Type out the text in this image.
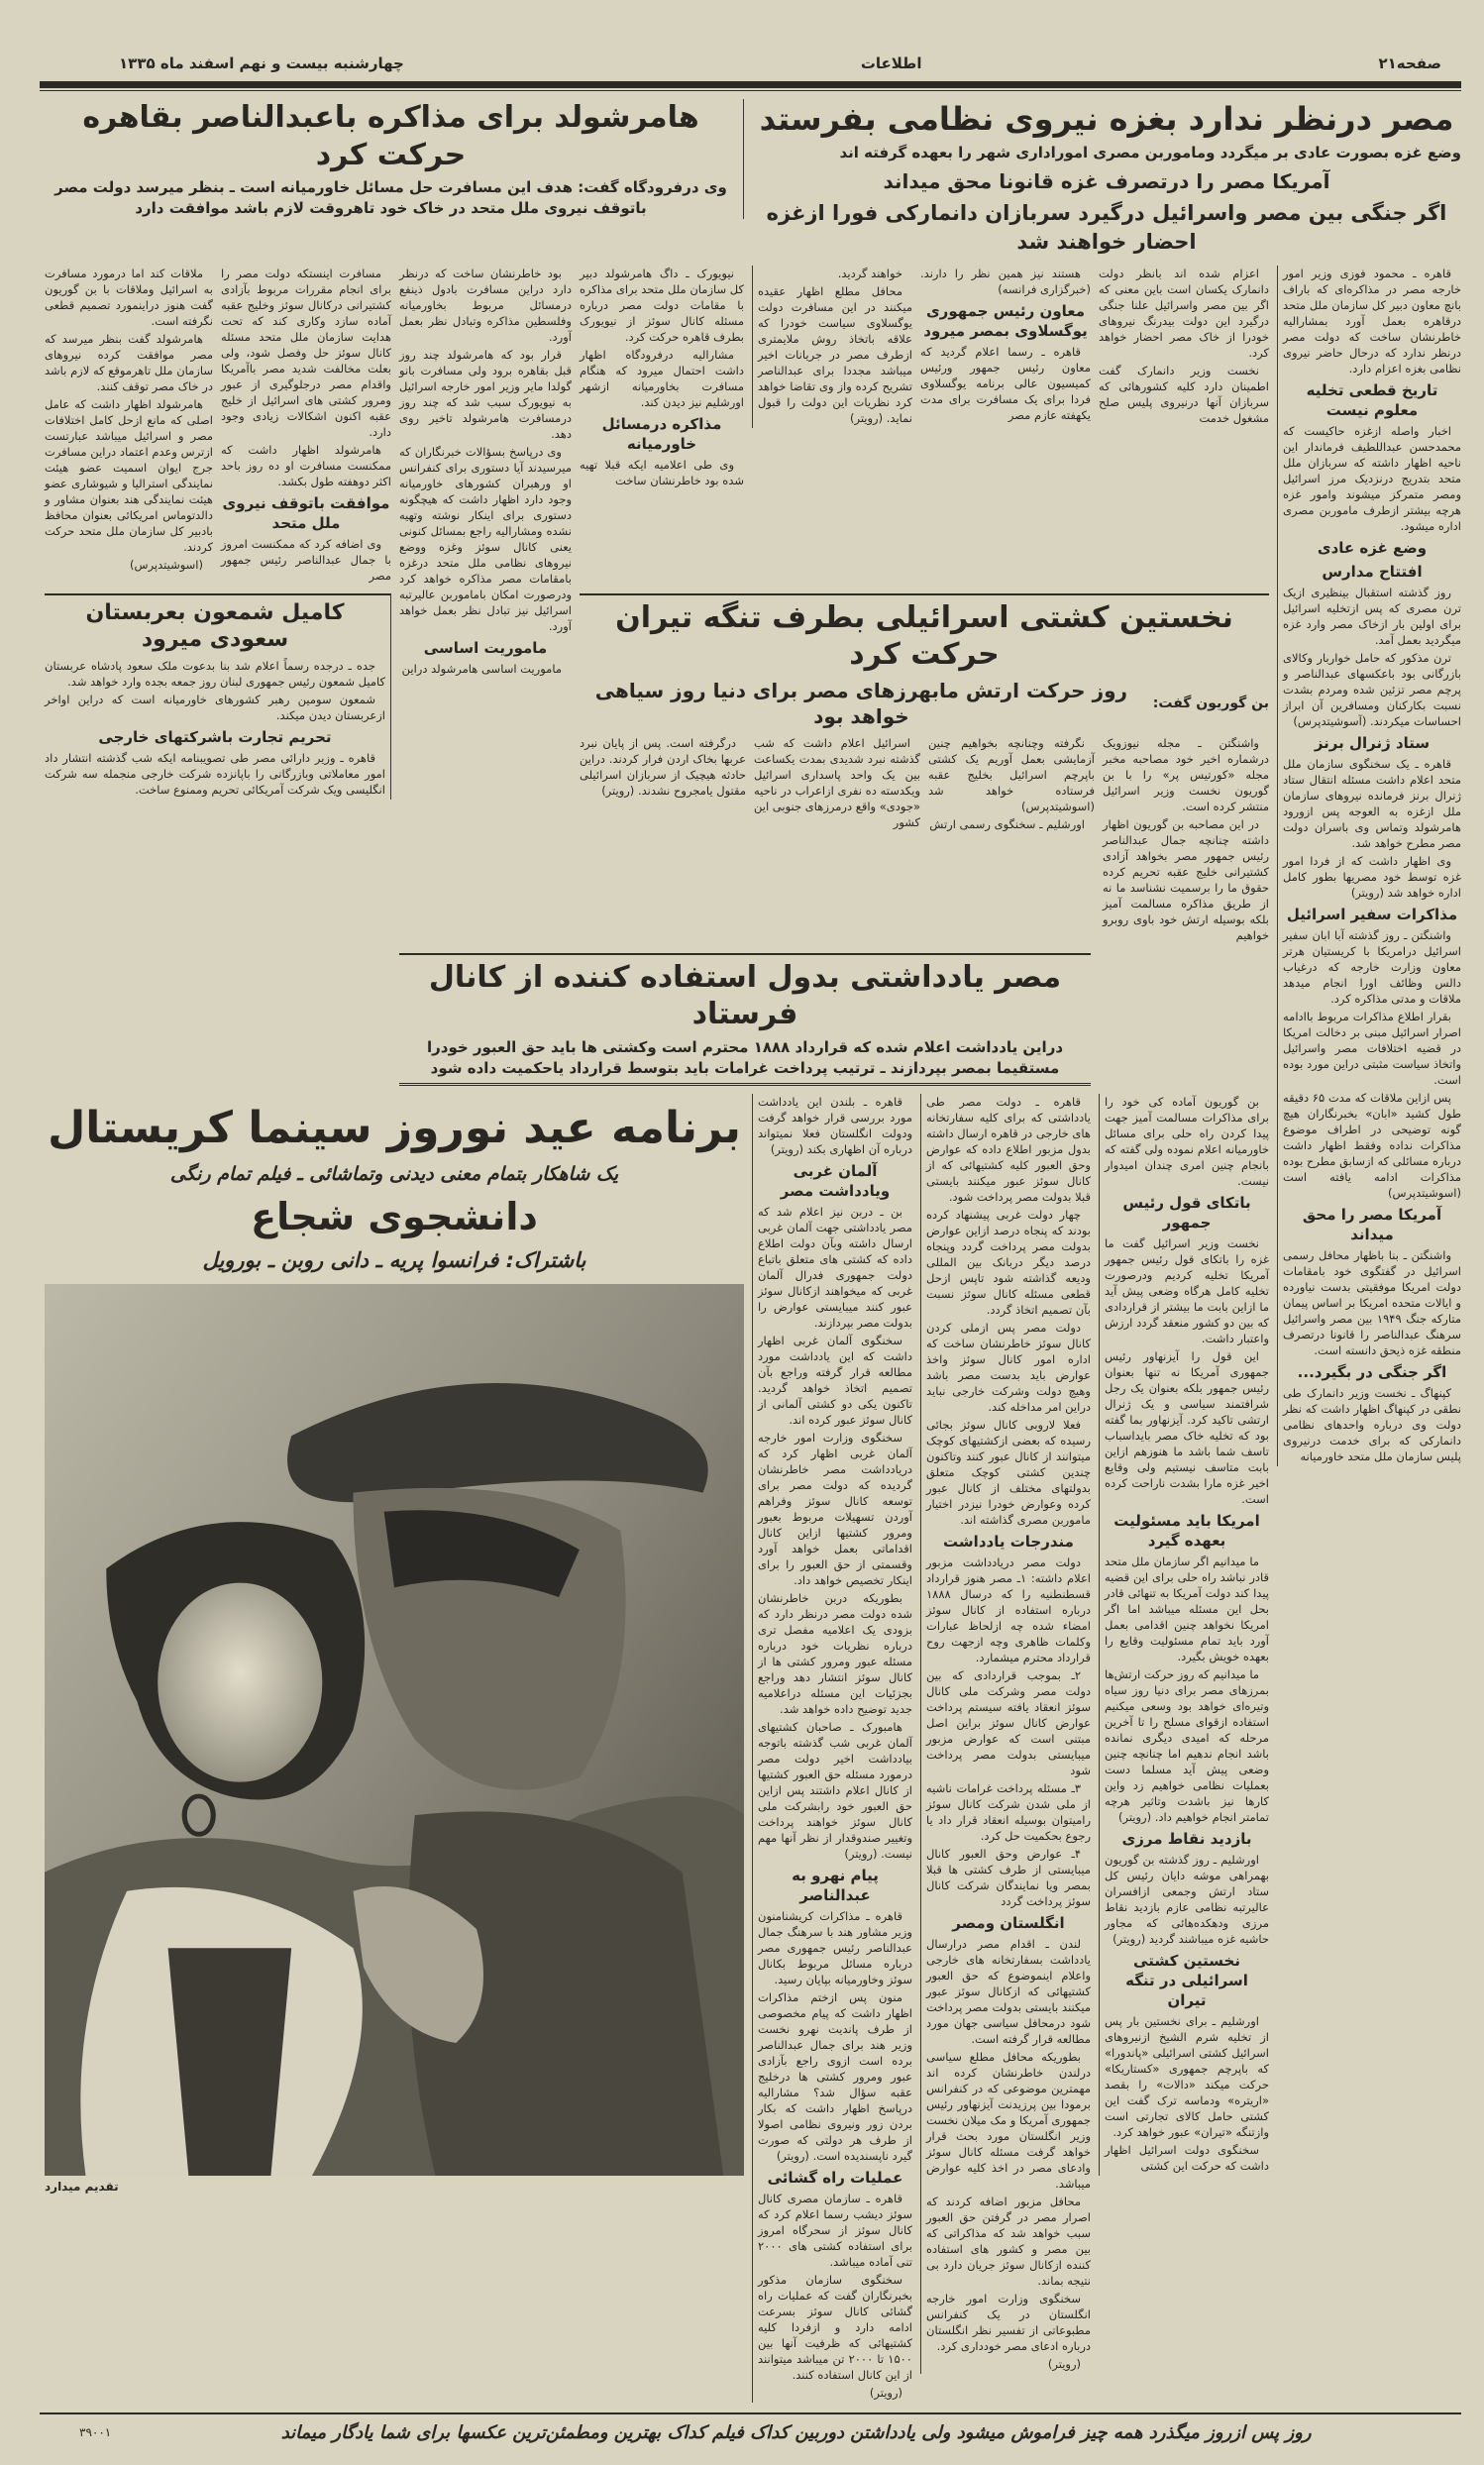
صفحه۲۱
اطلاعات
چهارشنبه بیست و نهم اسفند ماه ۱۳۳۵
مصر درنظر ندارد بغزه نیروی نظامی بفرستد
وضع غزه بصورت عادی بر میگردد وماموربن مصری اموراداری شهر را بعهده گرفته اند
آمریکا مصر را درتصرف غزه قانونا محق میداند
اگر جنگی بین مصر واسرائیل درگیرد سربازان دانمارکی فورا ازغزه احضار خواهند شد
هامرشولد برای مذاکره باعبدالناصر بقاهره حرکت کرد
وی درفرودگاه گفت: هدف این مسافرت حل مسائل خاورمیانه است ـ بنظر میرسد دولت مصر باتوقف نیروی ملل متحد در خاک خود تاهروقت لازم باشد موافقت دارد

قاهره ـ محمود فوزی وزیر امور خارجه مصر در مذاکره‌ای که باراف بانچ معاون دبیر کل سازمان ملل متحد درقاهره بعمل آورد بمشارالیه خاطرنشان ساخت که دولت مصر درنظر ندارد که درحال حاضر نیروی نظامی بغزه اعزام دارد.

تاریخ قطعی تخلیه معلوم نیست

اخبار واصله ازغزه حاکیست که محمدحسن عبداللطیف فرماندار این ناحیه اظهار داشته که سربازان ملل متحد بتدریج درنزدیک مرز اسرائیل ومصر متمرکز میشوند وامور غزه هرچه بیشتر ازطرف ماموربن مصری اداره میشود.

وضع غزه عادی
افتتاح مدارس

روز گذشته استقبال بینظیری ازیک ترن مصری که پس ازتخلیه اسرائیل برای اولین بار ازخاک مصر وارد غزه میگردید بعمل آمد.

ترن مذکور که حامل خواربار وکالای بازرگانی بود باعکسهای عبدالناصر و پرچم مصر تزئین شده ومردم بشدت نسبت بکارکنان ومسافرین آن ابراز احساسات میکردند. (آسوشیتدپرس)

ستاد ژنرال برنز

قاهره ـ یک سخنگوی سازمان ملل متحد اعلام داشت مسئله انتقال ستاد ژنرال برنز فرمانده نیروهای سازمان ملل ازغزه به العوجه پس ازورود هامرشولد وتماس وی باسران دولت مصر مطرح خواهد شد.

وی اظهار داشت که از فردا امور غزه توسط خود مصریها بطور کامل اداره خواهد شد (رویتر)

مذاکرات سفیر اسرائیل

واشنگتن ـ روز گذشته آبا ابان سفیر اسرائیل درامریکا با کریستیان هرتر معاون وزارت خارجه که درغیاب دالس وظائف اورا انجام میدهد ملاقات و مدتی مذاکره کرد.

بقرار اطلاع مذاکرات مربوط باادامه اصرار اسرائیل مبنی بر دخالت امریکا در قضیه اختلافات مصر واسرائیل واتخاذ سیاست مثبتی دراین مورد بوده است.

پس ازاین ملاقات که مدت ۶۵ دقیقه طول کشید «ابان» بخبرنگاران هیچ گونه توضیحی در اطراف موضوع مذاکرات نداده وفقط اظهار داشت درباره مسائلی که ازسابق مطرح بوده مذاکرات ادامه یافته است (اسوشیتدپرس)

آمریکا مصر را محق میداند

واشنگتن ـ بنا باظهار محافل رسمی اسرائیل در گفتگوی خود بامقامات دولت امریکا موفقیتی بدست نیاورده و ایالات متحده امریکا بر اساس پیمان متارکه جنگ ۱۹۴۹ بین مصر واسرائیل سرهنگ عبدالناصر را قانونا درتصرف منطقه غزه ذیحق دانسته است.

اگر جنگی در بگیرد...

کپنهاگ ـ نخست وزیر دانمارک طی نطقی در کپنهاگ اظهار داشت که نظر دولت وی درباره واحدهای نظامی دانمارکی که برای خدمت درنیروی پلیس سازمان ملل متحد خاورمیانه

اعزام شده اند بانظر دولت دانمارک یکسان است باین معنی که اگر بین مصر واسرائیل علنا جنگی درگیرد این دولت بیدرنگ نیروهای خودرا از خاک مصر احضار خواهد کرد.

نخست وزیر دانمارک گفت اطمینان دارد کلیه کشورهائی که سربازان آنها درنیروی پلیس صلح مشغول خدمت

هستند نیز همین نظر را دارند. (خبرگزاری فرانسه)

معاون رئیس جمهوری یوگسلاوی بمصر میرود

قاهره ـ رسما اعلام گردید که معاون رئیس جمهور ورئیس کمیسیون عالی برنامه یوگسلاوی فردا برای یک مسافرت برای مدت یکهفته عازم مصر

خواهند گردید.

محافل مطلع اظهار عقیده میکنند در این مسافرت دولت یوگسلاوی سیاست خودرا که علاقه باتخاذ روش ملایمتری ازطرف مصر در جریانات اخیر میباشد مجددا برای عبدالناصر تشریح کرده واز وی تقاضا خواهد کرد نظریات این دولت را قبول نماید. (رویتر)

نیویورک ـ داگ هامرشولد دبیر کل سازمان ملل متحد برای مذاکره با مقامات دولت مصر درباره مسئله کانال سوئز از نیویورک بطرف قاهره حرکت کرد.

مشارالیه درفرودگاه اظهار داشت احتمال میرود که هنگام مسافرت بخاورمیانه ازشهر اورشلیم نیز دیدن کند.

مذاکره درمسائل خاورمیانه

وی طی اعلامیه ایکه قبلا تهیه شده بود خاطرنشان ساخت

بود خاطرنشان ساخت که درنظر دارد دراین مسافرت بادول ذینفع درمسائل مربوط بخاورمیانه وفلسطین مذاکره وتبادل نظر بعمل آورد.

قرار بود که هامرشولد چند روز قبل بقاهره برود ولی مسافرت بانو گولدا مایر وزیر امور خارجه اسرائیل به نیویورک سبب شد که چند روز درمسافرت هامرشولد تاخیر روی دهد.

وی درپاسخ بسؤالات خبرنگاران که میرسیدند آیا دستوری برای کنفرانس او ورهبران کشورهای خاورمیانه وجود دارد اظهار داشت که هیچگونه دستوری برای اینکار نوشته وتهیه نشده ومشارالیه راجع بمسائل کنونی یعنی کانال سوئز وغزه ووضع نیروهای نظامی ملل متحد درغزه بامقامات مصر مذاکره خواهد کرد ودرصورت امکان باماموربن عالیرتبه اسرائیل نیز تبادل نظر بعمل خواهد آورد.

ماموریت اساسی

ماموریت اساسی هامرشولد دراین

مسافرت اینستکه دولت مصر را برای انجام مقررات مربوط بآزادی کشتیرانی درکانال سوئز وخلیج عقبه آماده سازد وکاری کند که تحت هدایت سازمان ملل متحد مسئله کانال سوئز حل وفصل شود، ولی بعلت مخالفت شدید مصر باآمریکا واقدام مصر درجلوگیری از عبور ومرور کشتی های اسرائیل از خلیج عقبه اکنون اشکالات زیادی وجود دارد.

هامرشولد اظهار داشت که ممکنست مسافرت او ده روز باحد اکثر دوهفته طول بکشد.

موافقت باتوقف نیروی ملل متحد

وی اضافه کرد که ممکنست امروز با جمال عبدالناصر رئیس جمهور مصر

ملاقات کند اما درمورد مسافرت به اسرائیل وملاقات با بن گوریون گفت هنوز دراینمورد تصمیم قطعی نگرفته است.

هامرشولد گفت بنظر میرسد که مصر موافقت کرده نیروهای سازمان ملل تاهرموقع که لازم باشد در خاک مصر توقف کنند.

هامرشولد اظهار داشت که عامل اصلی که مانع ازحل کامل اختلافات مصر و اسرائیل میباشد عبارتست ازترس وعدم اعتماد دراین مسافرت جرج ایوان اسمیت عضو هیئت نمایندگی استرالیا و شیوشاری عضو هیئت نمایندگی هند بعنوان مشاور و دالدتوماس امریکائی بعنوان محافظ بادبیر کل سازمان ملل متحد حرکت کردند.

(اسوشیتدپرس)

نخستین کشتی اسرائیلی بطرف تنگه تیران حرکت کرد
بن گوریون گفت:
روز حرکت ارتش مابهرزهای مصر برای دنیا روز سیاهی خواهد بود

واشنگتن ـ مجله نیوزویک درشماره اخیر خود مصاحبه مخبر مجله «کورتیس پر» را با بن گوریون نخست وزیر اسرائیل منتشر کرده است.

در این مصاحبه بن گوریون اظهار داشته چنانچه جمال عبدالناصر رئیس جمهور مصر بخواهد آزادی کشتیرانی خلیج عقبه تحریم کرده حقوق ما را برسمیت نشناسد ما نه از طریق مذاکره مسالمت آمیز بلکه بوسیله ارتش خود باوی روبرو خواهیم

نگرفته وچنانچه بخواهیم چنین آزمایشی بعمل آوریم یک کشتی باپرچم اسرائیل بخلیج عقبه فرستاده خواهد شد (اسوشیتدپرس)

اورشلیم ـ سخنگوی رسمی ارتش

اسرائیل اعلام داشت که شب گذشته نبرد شدیدی بمدت یکساعت بین یک واحد پاسداری اسرائیل ویکدسته ده نفری ازاعراب در ناحیه «جودی» واقع درمرزهای جنوبی این کشور

درگرفته است. پس از پایان نبرد عربها بخاک اردن فرار کردند. دراین حادثه هیچیک از سربازان اسرائیلی مقتول یامجروح نشدند. (رویتر)

کامیل شمعون بعربستان سعودی میرود

جده ـ درجده رسماً اعلام شد بنا بدعوت ملک سعود پادشاه عربستان کامیل شمعون رئیس جمهوری لبنان روز جمعه بجده وارد خواهد شد.

شمعون سومین رهبر کشورهای خاورمیانه است که دراین اواخر ازعربستان دیدن میکند.

تحریم تجارت باشرکتهای خارجی

قاهره ـ وزیر دارائی مصر طی تصویبنامه ایکه شب گذشته انتشار داد امور معاملاتی وبازرگانی را باپانزده شرکت خارجی منجمله سه شرکت انگلیسی ویک شرکت آمریکائی تحریم وممنوع ساخت.

مصر یادداشتی بدول استفاده کننده از کانال فرستاد
دراین یادداشت اعلام شده که قرارداد ۱۸۸۸ محترم است وکشتی ها باید حق العبور خودرا مستقیما بمصر بپردازند ـ ترتیب پرداخت غرامات باید بتوسط قرارداد یاحکمیت داده شود

بن گوریون آماده کی خود را برای مذاکرات مسالمت آمیز جهت پیدا کردن راه حلی برای مسائل خاورمیانه اعلام نموده ولی گفته که بانجام چنین امری چندان امیدوار نیست.

باتکای قول رئیس جمهور

نخست وزیر اسرائیل گفت ما غزه را باتکای قول رئیس جمهور آمریکا تخلیه کردیم ودرصورت تخلیه کامل هرگاه وضعی پیش آید ما ازاین بابت ما بیشتر از قراردادی که بین دو کشور منعقد گردد ارزش واعتبار داشت.

این قول را آیزنهاور رئیس جمهوری آمریکا نه تنها بعنوان رئیس جمهور بلکه بعنوان یک رجل شرافتمند سیاسی و یک ژنرال ارتشی تاکید کرد. آیزنهاور بما گفته بود که تخلیه خاک مصر بایداسباب تاسف شما باشد ما هنوزهم ازاین بابت متاسف نیستیم ولی وقایع اخیر غزه مارا بشدت ناراحت کرده است.

امریکا باید مسئولیت بعهده گیرد

ما میدانیم اگر سازمان ملل متحد قادر نباشد راه حلی برای این قضیه پیدا کند دولت آمریکا به تنهائی قادر بحل این مسئله میباشد اما اگر امریکا نخواهد چنین اقدامی بعمل آورد باید تمام مسئولیت وقایع را بعهده خویش بگیرد.

ما میدانیم که روز حرکت ارتش‌ها بمرزهای مصر برای دنیا روز سیاه وتیره‌ای خواهد بود وسعی میکنیم استفاده ازقوای مسلح را تا آخرین مرحله که امیدی دیگری نمانده باشد انجام ندهیم اما چنانچه چنین وضعی پیش آید مسلما دست بعملیات نظامی خواهیم زد واین کارها نیز باشدت وتاثیر هرچه تمامتر انجام خواهیم داد. (رویتر)

بازدید نقاط مرزی

اورشلیم ـ روز گذشته بن گوریون بهمراهی موشه دایان رئیس کل ستاد ارتش وجمعی ازافسران عالیرتبه نظامی عازم بازدید نقاط مرزی ودهکده‌هائی که مجاور حاشیه غزه میباشند گردید (رویتر)

نخستین کشتی اسرائیلی در تنگه تیران

اورشلیم ـ برای نخستین بار پس از تخلیه شرم الشیخ ازنیروهای اسرائیل کشتی اسرائیلی «پاندورا» که باپرچم جمهوری «کستاریکا» حرکت میکند «دالات» را بقصد «اریتره» ودماسه ترک گفت این کشتی حامل کالای تجارتی است وازتنگه «تیران» عبور خواهد کرد.

سخنگوی دولت اسرائیل اظهار داشت که حرکت این کشتی

قاهره ـ دولت مصر طی یادداشتی که برای کلیه سفارتخانه های خارجی در قاهره ارسال داشته بدول مزبور اطلاع داده که عوارض وحق العبور کلیه کشتیهائی که از کانال سوئز عبور میکنند بایستی قبلا بدولت مصر پرداخت شود.

چهار دولت غربی پیشنهاد کرده بودند که پنجاه درصد ازاین عوارض بدولت مصر پرداخت گردد وپنجاه درصد دیگر دربانک بین المللی ودیعه گذاشته شود تاپس ازحل قطعی مسئله کانال سوئز نسبت بآن تصمیم اتخاذ گردد.

دولت مصر پس ازملی کردن کانال سوئز خاطرنشان ساخت که اداره امور کانال سوئز واخذ عوارض باید بدست مصر باشد وهیچ دولت وشرکت خارجی نباید دراین امر مداخله کند.

فعلا لاروبی کانال سوئز بجائی رسیده که بعضی ازکشتیهای کوچک میتوانند از کانال عبور کنند وتاکنون چندین کشتی کوچک متعلق بدولتهای مختلف از کانال عبور کرده وعوارض خودرا نیزدر اختیار ماموربن مصری گذاشته اند.

مندرجات یادداشت

دولت مصر دریادداشت مزبور اعلام داشته: ۱ـ مصر هنوز قرارداد قسطنطنیه را که درسال ۱۸۸۸ درباره استفاده از کانال سوئز امضاء شده چه ازلحاظ عبارات وکلمات ظاهری وچه ازجهت روح قرارداد محترم میشمارد.

۲ـ بموجب قراردادی که بین دولت مصر وشرکت ملی کانال سوئز انعقاد یافته سیستم پرداخت عوارض کانال سوئز براین اصل مبتنی است که عوارض مزبور میبایستی بدولت مصر پرداخت شود

۳ـ مسئله پرداخت غرامات ناشیه از ملی شدن شرکت کانال سوئز رامیتوان بوسیله انعقاد قرار داد یا رجوع بحکمیت حل کرد.

۴ـ عوارض وحق العبور کانال میبایستی از طرف کشتی ها قبلا بمصر ویا نمایندگان شرکت کانال سوئز پرداخت گردد

انگلستان ومصر

لندن ـ اقدام مصر درارسال یادداشت بسفارتخانه های خارجی واعلام اینموضوع که حق العبور کشتیهائی که ازکانال سوئز عبور میکنند بایستی بدولت مصر پرداخت شود درمحافل سیاسی جهان مورد مطالعه قرار گرفته است.

بطوریکه محافل مطلع سیاسی درلندن خاطرنشان کرده اند مهمترین موضوعی که در کنفرانس برمودا بین پرزیدنت آیزنهاور رئیس جمهوری آمریکا و مک میلان نخست وزیر انگلستان مورد بحث قرار خواهد گرفت مسئله کانال سوئز وادعای مصر در اخذ کلیه عوارض میباشد.

محافل مزبور اضافه کردند که اصرار مصر در گرفتن حق العبور سبب خواهد شد که مذاکراتی که بین مصر و کشور های استفاده کننده ازکانال سوئز جریان دارد بی نتیجه بماند.

سخنگوی وزارت امور خارجه انگلستان در یک کنفرانس مطبوعاتی از تفسیر نظر انگلستان درباره ادعای مصر خودداری کرد.

(رویتر)

قاهره ـ بلندن این یادداشت مورد بررسی قرار خواهد گرفت ودولت انگلستان فعلا نمیتواند درباره آن اظهاری بکند (رویتر)

آلمان غربی ویادداشت مصر

بن ـ دربن نیز اعلام شد که مصر یادداشتی جهت آلمان غربی ارسال داشته وبآن دولت اطلاع داده که کشتی های متعلق باتباع دولت جمهوری فدرال آلمان غربی که میخواهند ازکانال سوئز عبور کنند میبایستی عوارض را بدولت مصر بپردازند.

سخنگوی آلمان غربی اظهار داشت که این یادداشت مورد مطالعه قرار گرفته وراجع بآن تصمیم اتخاذ خواهد گردید. تاکنون یکی دو کشتی آلمانی از کانال سوئز عبور کرده اند.

سخنگوی وزارت امور خارجه آلمان غربی اظهار کرد که دریادداشت مصر خاطرنشان گردیده که دولت مصر برای توسعه کانال سوئز وفراهم آوردن تسهیلات مربوط بعبور ومرور کشتیها ازاین کانال اقداماتی بعمل خواهد آورد وقسمتی از حق العبور را برای اینکار تخصیص خواهد داد.

بطوریکه دربن خاطرنشان شده دولت مصر درنظر دارد که بزودی یک اعلامیه مفصل تری درباره نظریات خود درباره مسئله عبور ومرور کشتی ها از کانال سوئز انتشار دهد وراجع بجزئیات این مسئله دراعلامیه جدید توضیح داده خواهد شد.

هامبورک ـ صاحبان کشتیهای آلمان غربی شب گذشته باتوجه بیادداشت اخیر دولت مصر درمورد مسئله حق العبور کشتیها از کانال اعلام داشتند پس ازاین حق العبور خود رابشرکت ملی کانال سوئز خواهند پرداخت وتغییر صندوقدار از نظر آنها مهم نیست. (رویتر)

پیام نهرو به عبدالناصر

قاهره ـ مذاکرات کریشنامنون وزیر مشاور هند با سرهنگ جمال عبدالناصر رئیس جمهوری مصر درباره مسائل مربوط بکانال سوئز وخاورمیانه بپایان رسید.

منون پس ازختم مذاکرات اظهار داشت که پیام مخصوصی از طرف پاندیت نهرو نخست وزیر هند برای جمال عبدالناصر برده است ازوی راجع بآزادی عبور ومرور کشتی ها درخلیج عقبه سؤال شد؟ مشارالیه درپاسخ اظهار داشت که بکار بردن زور ونیروی نظامی اصولا از طرف هر دولتی که صورت گیرد ناپسندیده است. (رویتر)

عملیات راه گشائی

قاهره ـ سازمان مصری کانال سوئز دیشب رسما اعلام کرد که کانال سوئز از سحرگاه امروز برای استفاده کشتی های ۲۰۰۰ تنی آماده میباشد.

سخنگوی سازمان مذکور بخبرنگاران گفت که عملیات راه گشائی کانال سوئز بسرعت ادامه دارد و ازفردا کلیه کشتیهائی که ظرفیت آنها بین ۱۵۰۰ تا ۲۰۰۰ تن میباشد میتوانند از این کانال استفاده کنند.

(رویتر)

برنامه عید نوروز سینما کریستال
یک شاهکار بتمام معنی دیدنی وتماشائی ـ فیلم تمام رنگی
دانشجوی شجاع
باشتراک: فرانسوا پریه ـ دانی روبن ـ بورویل
تقدیم میدارد
روز پس ازروز میگذرد همه چیز فراموش میشود ولی یادداشتن دوربین کداک فیلم کداک بهترین ومطمئن‌ترین عکسها برای شما یادگار میماند
۳۹۰۰۱
